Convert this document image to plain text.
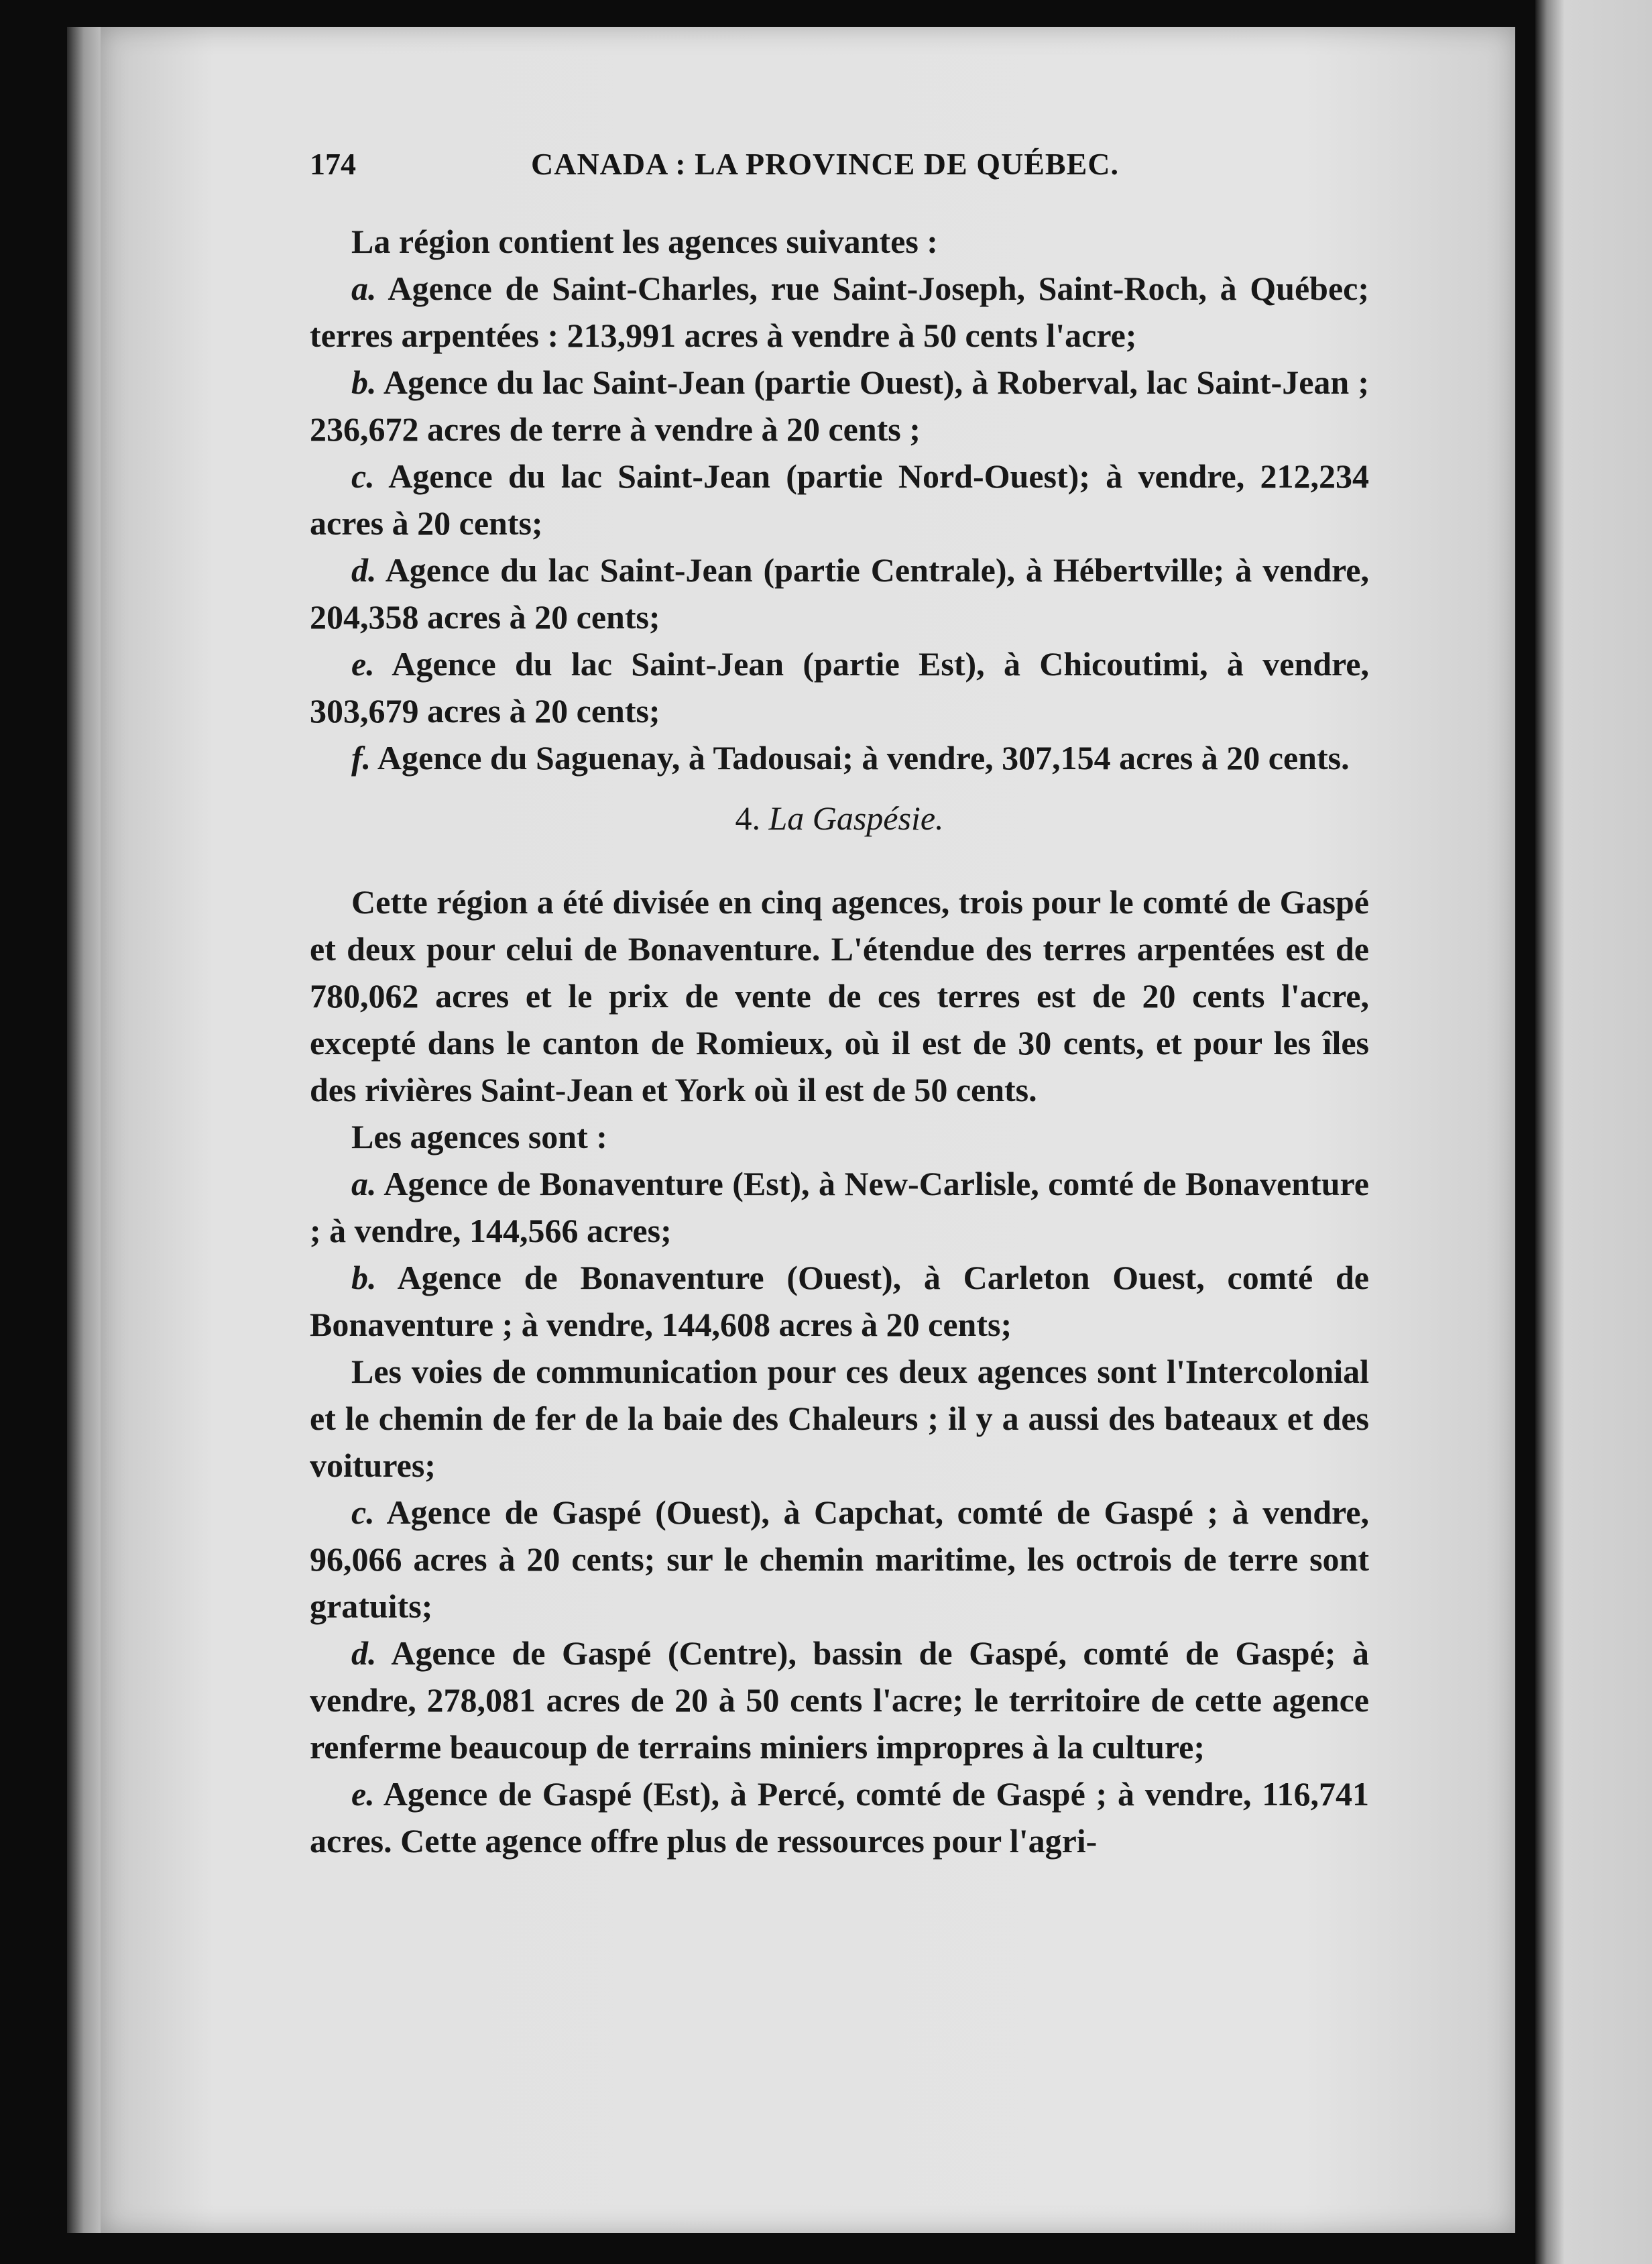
174	CANADA : LA PROVINCE DE QUÉBEC.

La région contient les agences suivantes :

a. Agence de Saint-Charles, rue Saint-Joseph, Saint-Roch, à Québec; terres arpentées : 213,991 acres à vendre à 50 cents l'acre;

b. Agence du lac Saint-Jean (partie Ouest), à Roberval, lac Saint-Jean ; 236,672 acres de terre à vendre à 20 cents ;

c. Agence du lac Saint-Jean (partie Nord-Ouest); à vendre, 212,234 acres à 20 cents;

d. Agence du lac Saint-Jean (partie Centrale), à Hébertville; à vendre, 204,358 acres à 20 cents;

e. Agence du lac Saint-Jean (partie Est), à Chicoutimi, à vendre, 303,679 acres à 20 cents;

f. Agence du Saguenay, à Tadousai; à vendre, 307,154 acres à 20 cents.

4. La Gaspésie.

Cette région a été divisée en cinq agences, trois pour le comté de Gaspé et deux pour celui de Bonaventure. L'étendue des terres arpentées est de 780,062 acres et le prix de vente de ces terres est de 20 cents l'acre, excepté dans le canton de Romieux, où il est de 30 cents, et pour les îles des rivières Saint-Jean et York où il est de 50 cents.

Les agences sont :

a. Agence de Bonaventure (Est), à New-Carlisle, comté de Bonaventure ; à vendre, 144,566 acres;

b. Agence de Bonaventure (Ouest), à Carleton Ouest, comté de Bonaventure ; à vendre, 144,608 acres à 20 cents;

Les voies de communication pour ces deux agences sont l'Intercolonial et le chemin de fer de la baie des Chaleurs ; il y a aussi des bateaux et des voitures;

c. Agence de Gaspé (Ouest), à Capchat, comté de Gaspé ; à vendre, 96,066 acres à 20 cents; sur le chemin maritime, les octrois de terre sont gratuits;

d. Agence de Gaspé (Centre), bassin de Gaspé, comté de Gaspé; à vendre, 278,081 acres de 20 à 50 cents l'acre; le territoire de cette agence renferme beaucoup de terrains miniers impropres à la culture;

e. Agence de Gaspé (Est), à Percé, comté de Gaspé ; à vendre, 116,741 acres. Cette agence offre plus de ressources pour l'agri-
